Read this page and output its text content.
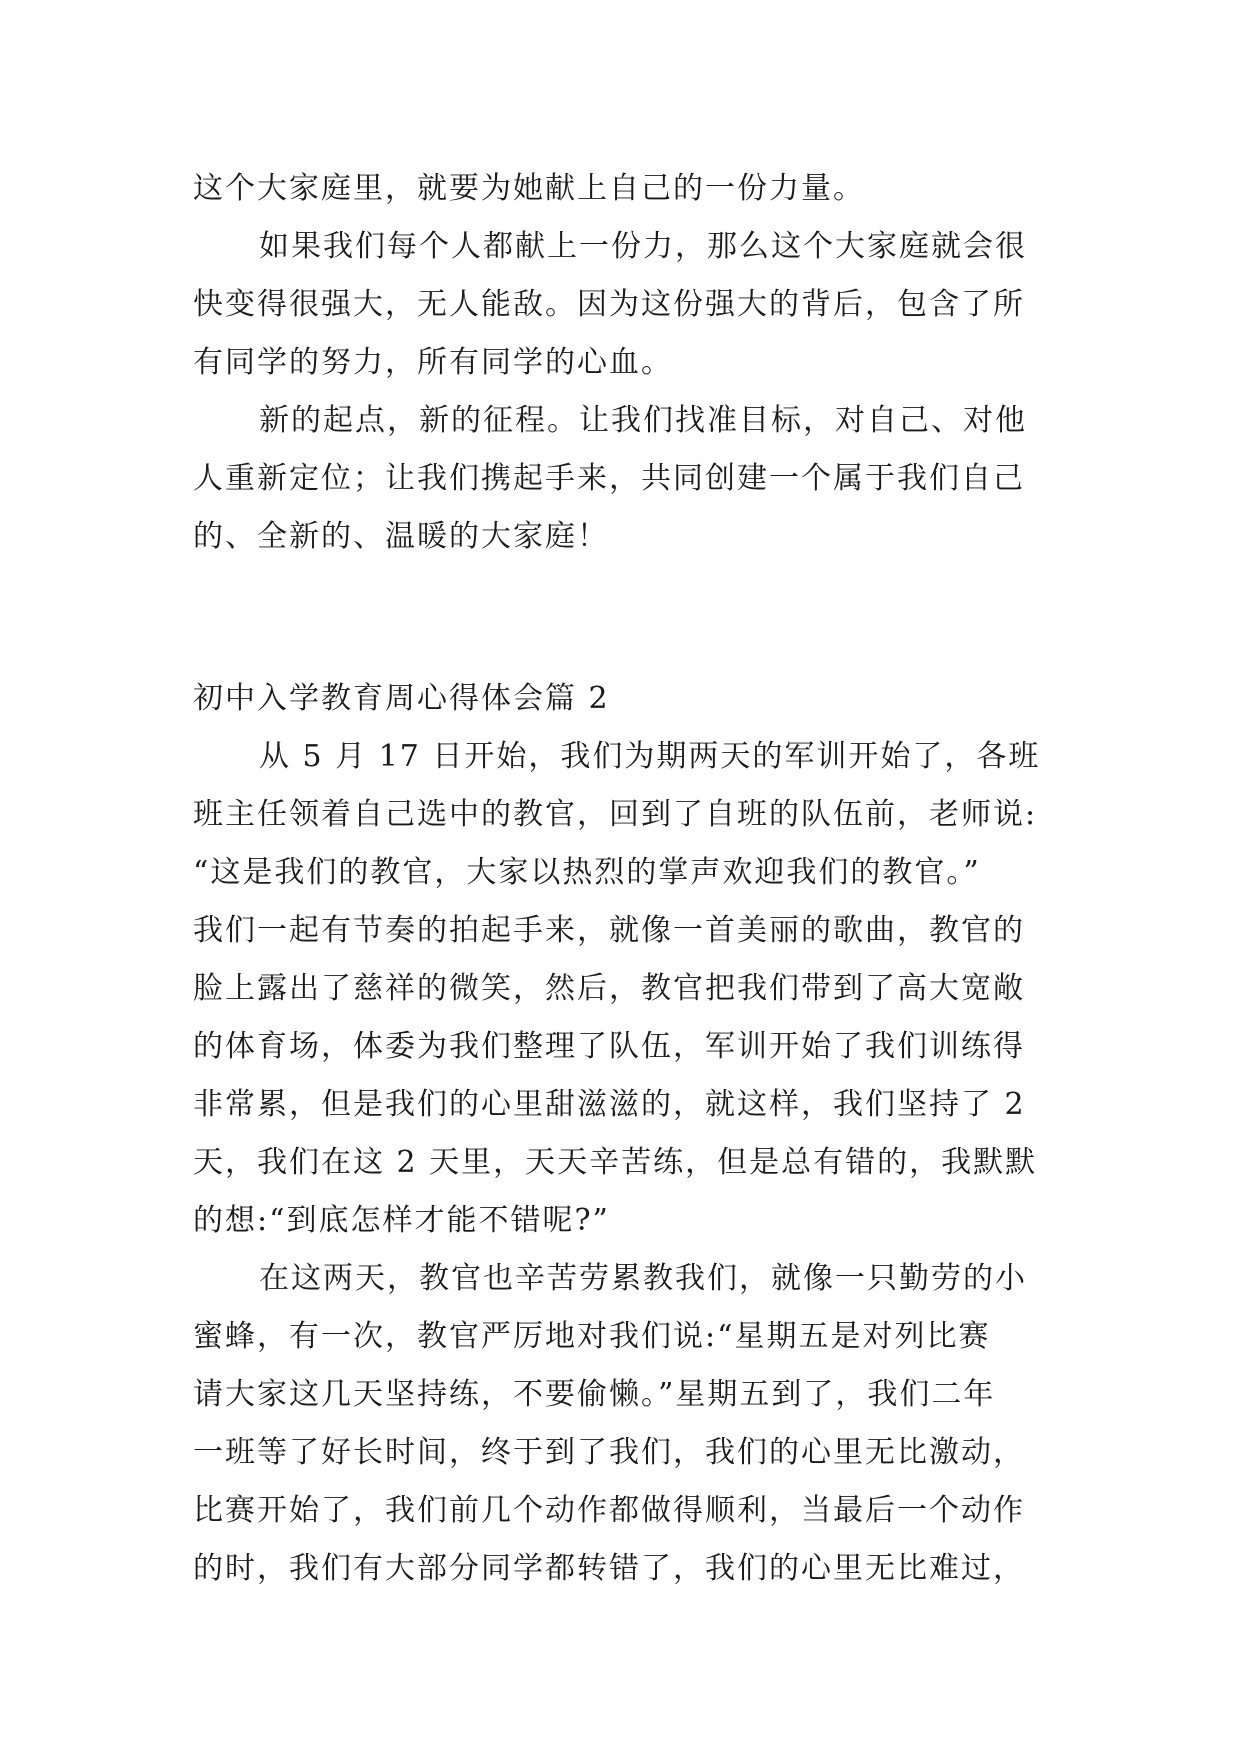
这个大家庭里，就要为她献上自己的一份力量。
如果我们每个人都献上一份力，那么这个大家庭就会很
快变得很强大，无人能敌。因为这份强大的背后，包含了所
有同学的努力，所有同学的心血。
新的起点，新的征程。让我们找准目标，对自己、对他
人重新定位；让我们携起手来，共同创建一个属于我们自己
的、全新的、温暖的大家庭！
初中入学教育周心得体会篇 2
从 5 月 17 日开始，我们为期两天的军训开始了，各班
班主任领着自己选中的教官，回到了自班的队伍前，老师说:
“这是我们的教官，大家以热烈的掌声欢迎我们的教官。”
我们一起有节奏的拍起手来，就像一首美丽的歌曲，教官的
脸上露出了慈祥的微笑，然后，教官把我们带到了高大宽敞
的体育场，体委为我们整理了队伍，军训开始了我们训练得
非常累，但是我们的心里甜滋滋的，就这样，我们坚持了 2
天，我们在这 2 天里，天天辛苦练，但是总有错的，我默默
的想:“到底怎样才能不错呢?”
在这两天，教官也辛苦劳累教我们，就像一只勤劳的小
蜜蜂，有一次，教官严厉地对我们说:“星期五是对列比赛
请大家这几天坚持练，不要偷懒。”星期五到了，我们二年
一班等了好长时间，终于到了我们，我们的心里无比激动，
比赛开始了，我们前几个动作都做得顺利，当最后一个动作
的时，我们有大部分同学都转错了，我们的心里无比难过，
